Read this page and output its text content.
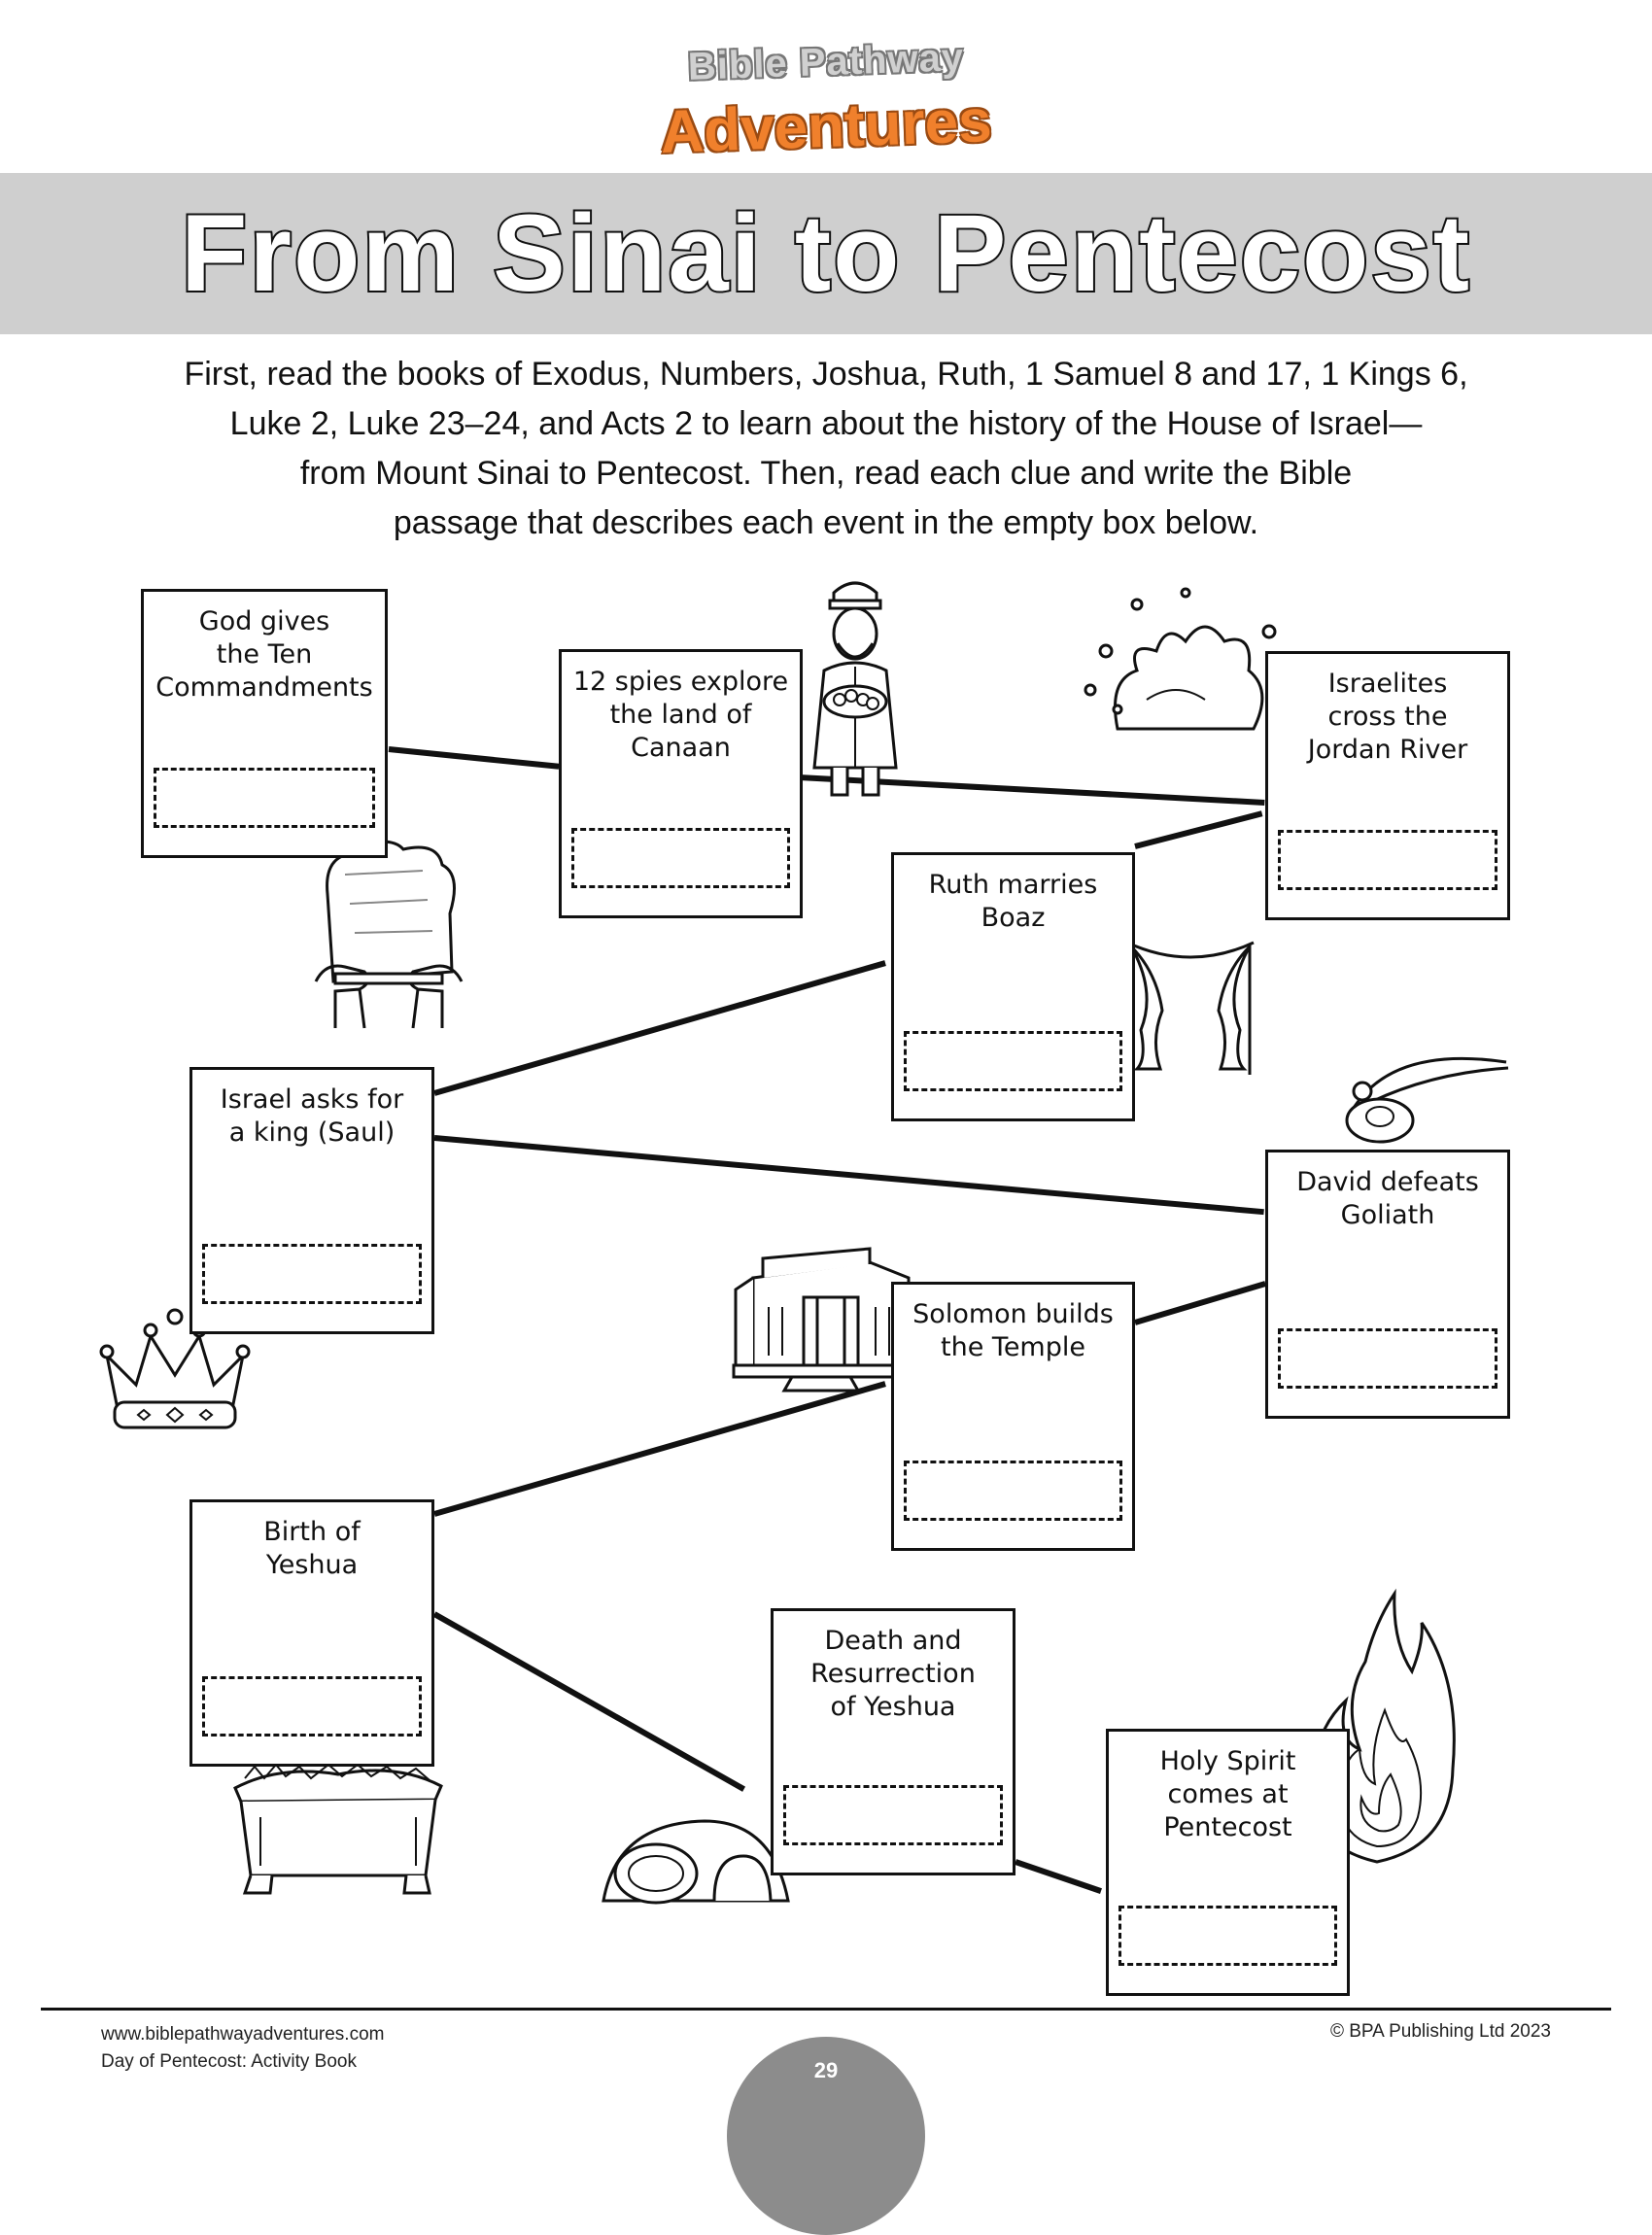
Bible Pathway
Adventures
From Sinai to Pentecost
First, read the books of Exodus, Numbers, Joshua, Ruth, 1 Samuel 8 and 17, 1 Kings 6,
Luke 2, Luke 23–24, and Acts 2 to learn about the history of the House of Israel—
from Mount Sinai to Pentecost. Then, read each clue and write the Bible
passage that describes each event in the empty box below.
God gives
the Ten
Commandments	12 spies explore
the land of
Canaan
Israelites
cross the
Jordan River
Ruth marries
Boaz
Israel asks for
a king (Saul)
David defeats
Goliath
Solomon builds
the Temple
Birth of
Yeshua
Death and
Resurrection
of Yeshua
Holy Spirit
comes at
Pentecost
www.biblepathwayadventures.com
Day of Pentecost: Activity Book
© BPA Publishing Ltd 2023
29
